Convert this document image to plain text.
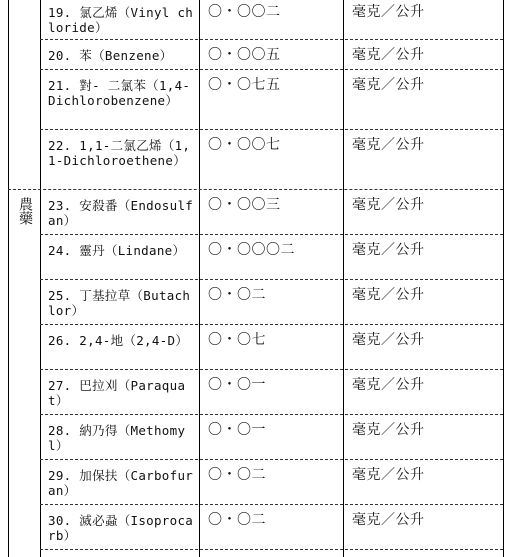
農藥
19. 氯乙烯（Vinyl chloride）
〇・〇〇二	毫克／公升
20. 苯（Benzene）	〇・〇〇五	毫克／公升
21. 對- 二氯苯（1,4-Dichlorobenzene）
〇・〇七五	毫克／公升
22. 1,1-二氯乙烯（1,1-Dichloroethene）
〇・〇〇七	毫克／公升
23. 安殺番（Endosulfan）
〇・〇〇三	毫克／公升
24. 靈丹（Lindane）	〇・〇〇〇二	毫克／公升
25. 丁基拉草（Butachlor）
〇・〇二	毫克／公升
26. 2,4-地（2,4-D）	〇・〇七	毫克／公升
27. 巴拉刈（Paraquat）
〇・〇一	毫克／公升
28. 納乃得（Methomyl）
〇・〇一	毫克／公升
29. 加保扶（Carbofuran）
〇・〇二	毫克／公升
30. 滅必蝨（Isoprocarb）
〇・〇二	毫克／公升
